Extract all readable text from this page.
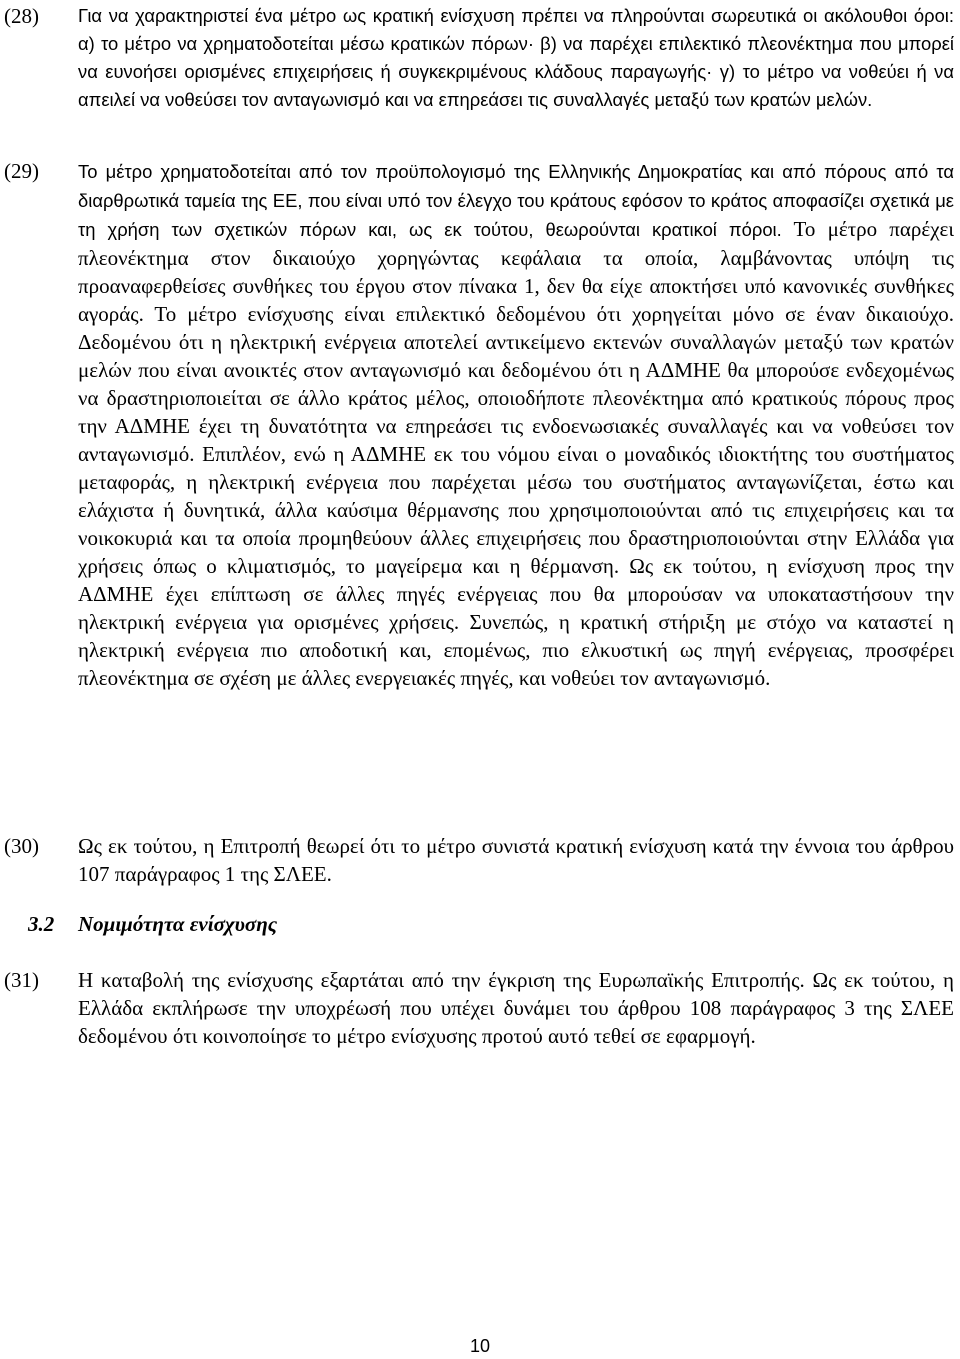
(28) Για να χαρακτηριστεί ένα μέτρο ως κρατική ενίσχυση πρέπει να πληρούνται σωρευτικά οι ακόλουθοι όροι: α) το μέτρο να χρηματοδοτείται μέσω κρατικών πόρων· β) να παρέχει επιλεκτικό πλεονέκτημα που μπορεί να ευνοήσει ορισμένες επιχειρήσεις ή συγκεκριμένους κλάδους παραγωγής· γ) το μέτρο να νοθεύει ή να απειλεί να νοθεύσει τον ανταγωνισμό και να επηρεάσει τις συναλλαγές μεταξύ των κρατών μελών.
(29) Το μέτρο χρηματοδοτείται από τον προϋπολογισμό της Ελληνικής Δημοκρατίας και από πόρους από τα διαρθρωτικά ταμεία της ΕΕ, που είναι υπό τον έλεγχο του κράτους εφόσον το κράτος αποφασίζει σχετικά με τη χρήση των σχετικών πόρων και, ως εκ τούτου, θεωρούνται κρατικοί πόροι. Το μέτρο παρέχει πλεονέκτημα στον δικαιούχο χορηγώντας κεφάλαια τα οποία, λαμβάνοντας υπόψη τις προαναφερθείσες συνθήκες του έργου στον πίνακα 1, δεν θα είχε αποκτήσει υπό κανονικές συνθήκες αγοράς. Το μέτρο ενίσχυσης είναι επιλεκτικό δεδομένου ότι χορηγείται μόνο σε έναν δικαιούχο. Δεδομένου ότι η ηλεκτρική ενέργεια αποτελεί αντικείμενο εκτενών συναλλαγών μεταξύ των κρατών μελών που είναι ανοικτές στον ανταγωνισμό και δεδομένου ότι η ΑΔΜΗΕ θα μπορούσε ενδεχομένως να δραστηριοποιείται σε άλλο κράτος μέλος, οποιοδήποτε πλεονέκτημα από κρατικούς πόρους προς την ΑΔΜΗΕ έχει τη δυνατότητα να επηρεάσει τις ενδοενωσιακές συναλλαγές και να νοθεύσει τον ανταγωνισμό. Επιπλέον, ενώ η ΑΔΜΗΕ εκ του νόμου είναι ο μοναδικός ιδιοκτήτης του συστήματος μεταφοράς, η ηλεκτρική ενέργεια που παρέχεται μέσω του συστήματος ανταγωνίζεται, έστω και ελάχιστα ή δυνητικά, άλλα καύσιμα θέρμανσης που χρησιμοποιούνται από τις επιχειρήσεις και τα νοικοκυριά και τα οποία προμηθεύουν άλλες επιχειρήσεις που δραστηριοποιούνται στην Ελλάδα για χρήσεις όπως ο κλιματισμός, το μαγείρεμα και η θέρμανση. Ως εκ τούτου, η ενίσχυση προς την ΑΔΜΗΕ έχει επίπτωση σε άλλες πηγές ενέργειας που θα μπορούσαν να υποκαταστήσουν την ηλεκτρική ενέργεια για ορισμένες χρήσεις. Συνεπώς, η κρατική στήριξη με στόχο να καταστεί η ηλεκτρική ενέργεια πιο αποδοτική και, επομένως, πιο ελκυστική ως πηγή ενέργειας, προσφέρει πλεονέκτημα σε σχέση με άλλες ενεργειακές πηγές, και νοθεύει τον ανταγωνισμό.
(30) Ως εκ τούτου, η Επιτροπή θεωρεί ότι το μέτρο συνιστά κρατική ενίσχυση κατά την έννοια του άρθρου 107 παράγραφος 1 της ΣΛΕΕ.
3.2 Νομιμότητα ενίσχυσης
(31) Η καταβολή της ενίσχυσης εξαρτάται από την έγκριση της Ευρωπαϊκής Επιτροπής. Ως εκ τούτου, η Ελλάδα εκπλήρωσε την υποχρέωσή που υπέχει δυνάμει του άρθρου 108 παράγραφος 3 της ΣΛΕΕ δεδομένου ότι κοινοποίησε το μέτρο ενίσχυσης προτού αυτό τεθεί σε εφαρμογή.
10
